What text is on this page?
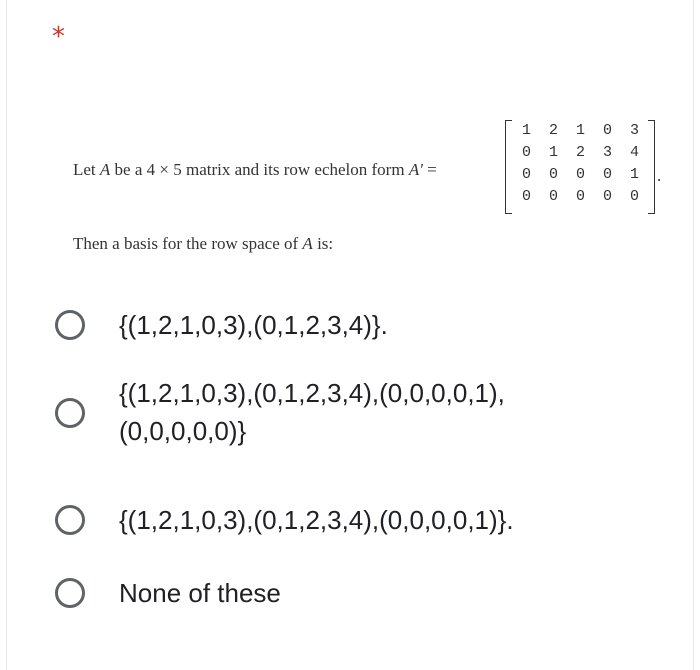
*
Let A be a 4 × 5 matrix and its row echelon form A′ =
1	2	1	0	3
0	1	2	3	4
0	0	0	0	1
0	0	0	0	0
.
Then a basis for the row space of A is:
{(1,2,1,0,3),(0,1,2,3,4)}.
{(1,2,1,0,3),(0,1,2,3,4),(0,0,0,0,1),
(0,0,0,0,0)}
{(1,2,1,0,3),(0,1,2,3,4),(0,0,0,0,1)}.
None of these
